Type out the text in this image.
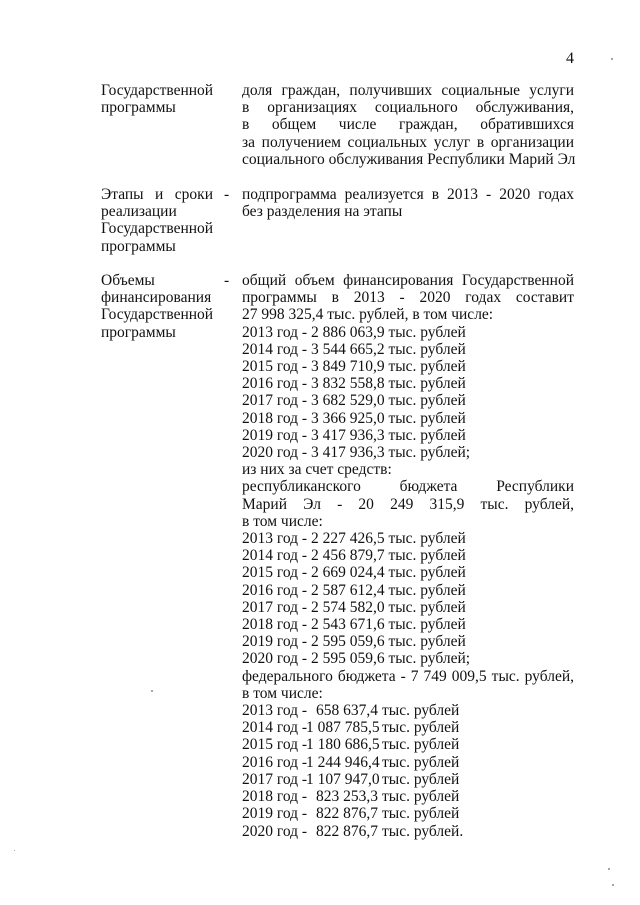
4
Государственной
программы
доля граждан, получивших социальные услуги
в организациях социального обслуживания,
в общем числе граждан, обратившихся
за получением социальных услуг в организации
социального обслуживания Республики Марий Эл
Этапы и сроки
реализации
Государственной
программы
- подпрограмма реализуется в 2013 - 2020 годах
без разделения на этапы
Объемы
финансирования
Государственной
программы
- общий объем финансирования Государственной
программы в 2013 - 2020 годах составит
27 998 325,4 тыс. рублей, в том числе:
2013 год - 2 886 063,9 тыс. рублей
2014 год - 3 544 665,2 тыс. рублей
2015 год - 3 849 710,9 тыс. рублей
2016 год - 3 832 558,8 тыс. рублей
2017 год - 3 682 529,0 тыс. рублей
2018 год - 3 366 925,0 тыс. рублей
2019 год - 3 417 936,3 тыс. рублей
2020 год - 3 417 936,3 тыс. рублей;
из них за счет средств:
республиканского бюджета Республики
Марий Эл - 20 249 315,9 тыс. рублей,
в том числе:
2013 год - 2 227 426,5 тыс. рублей
2014 год - 2 456 879,7 тыс. рублей
2015 год - 2 669 024,4 тыс. рублей
2016 год - 2 587 612,4 тыс. рублей
2017 год - 2 574 582,0 тыс. рублей
2018 год - 2 543 671,6 тыс. рублей
2019 год - 2 595 059,6 тыс. рублей
2020 год - 2 595 059,6 тыс. рублей;
федерального бюджета - 7 749 009,5 тыс. рублей,
в том числе:
2013 год - 658 637,4 тыс. рублей
2014 год -1 087 785,5 тыс. рублей
2015 год -1 180 686,5 тыс. рублей
2016 год -1 244 946,4 тыс. рублей
2017 год -1 107 947,0 тыс. рублей
2018 год - 823 253,3 тыс. рублей
2019 год - 822 876,7 тыс. рублей
2020 год - 822 876,7 тыс. рублей.
